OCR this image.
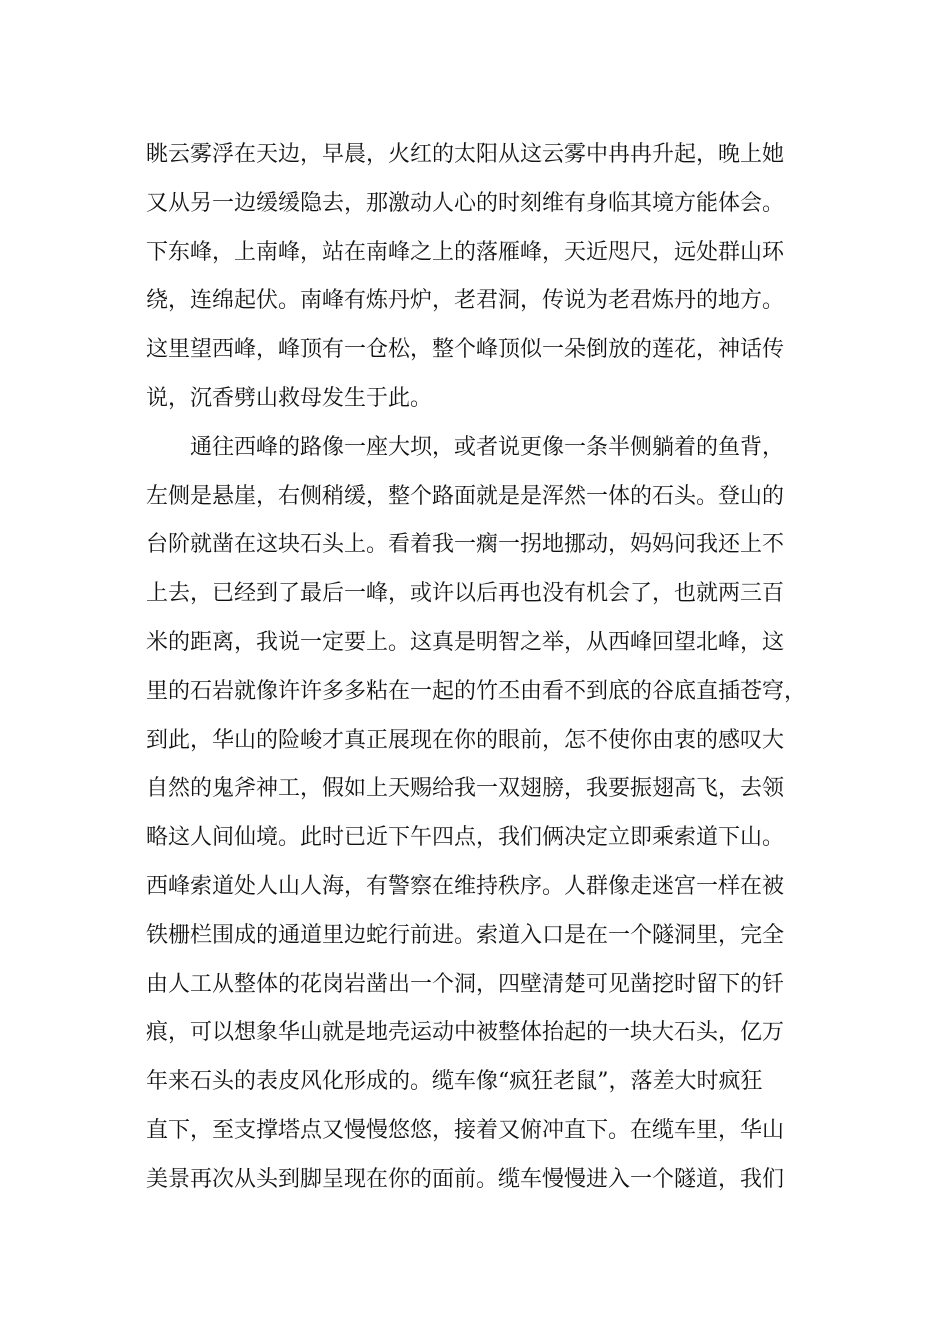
眺云雾浮在天边，早晨，火红的太阳从这云雾中冉冉升起，晚上她
又从另一边缓缓隐去，那激动人心的时刻维有身临其境方能体会。
下东峰，上南峰，站在南峰之上的落雁峰，天近咫尺，远处群山环
绕，连绵起伏。南峰有炼丹炉，老君洞，传说为老君炼丹的地方。
这里望西峰，峰顶有一仓松，整个峰顶似一朵倒放的莲花，神话传
说，沉香劈山救母发生于此。
通往西峰的路像一座大坝，或者说更像一条半侧躺着的鱼背，
左侧是悬崖，右侧稍缓，整个路面就是是浑然一体的石头。登山的
台阶就凿在这块石头上。看着我一瘸一拐地挪动，妈妈问我还上不
上去，已经到了最后一峰，或许以后再也没有机会了，也就两三百
米的距离，我说一定要上。这真是明智之举，从西峰回望北峰，这
里的石岩就像许许多多粘在一起的竹丕由看不到底的谷底直插苍穹，
到此，华山的险峻才真正展现在你的眼前，怎不使你由衷的感叹大
自然的鬼斧神工，假如上天赐给我一双翅膀，我要振翅高飞，去领
略这人间仙境。此时已近下午四点，我们俩决定立即乘索道下山。
西峰索道处人山人海，有警察在维持秩序。人群像走迷宫一样在被
铁栅栏围成的通道里边蛇行前进。索道入口是在一个隧洞里，完全
由人工从整体的花岗岩凿出一个洞，四壁清楚可见凿挖时留下的钎
痕，可以想象华山就是地壳运动中被整体抬起的一块大石头，亿万
年来石头的表皮风化形成的。缆车像“疯狂老鼠”，落差大时疯狂
直下，至支撑塔点又慢慢悠悠，接着又俯冲直下。在缆车里，华山
美景再次从头到脚呈现在你的面前。缆车慢慢进入一个隧道，我们
